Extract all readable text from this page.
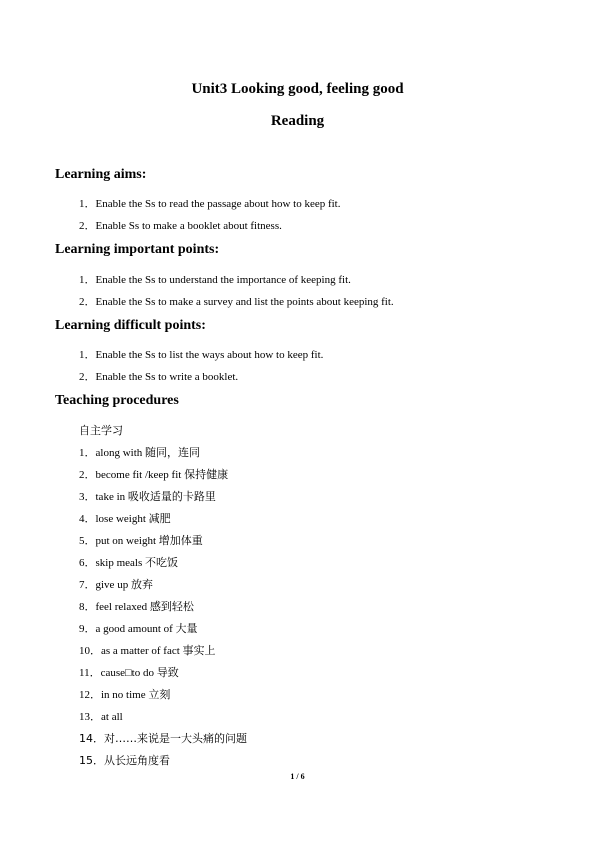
Unit3 Looking good, feeling good
Reading
Learning aims:
1．Enable the Ss to read the passage about how to keep fit.
2．Enable Ss to make a booklet about fitness.
Learning important points:
1．Enable the Ss to understand the importance of keeping fit.
2．Enable the Ss to make a survey and list the points about keeping fit.
Learning difficult points:
1．Enable the Ss to list the ways about how to keep fit.
2．Enable the Ss to write a booklet.
Teaching procedures

自主学习

1．along with 随同，连同
2．become fit /keep fit 保持健康
3．take in 吸收适量的卡路里
4．lose weight 减肥
5．put on weight 增加体重
6．skip meals 不吃饭
7．give up 放弃
8．feel relaxed 感到轻松
9．a good amount of 大量
10．as a matter of fact 事实上
11．cause□to do 导致
12．in no time 立刻
13．at all
14．对……来说是一大头痛的问题
15．从长远角度看
1 / 6
